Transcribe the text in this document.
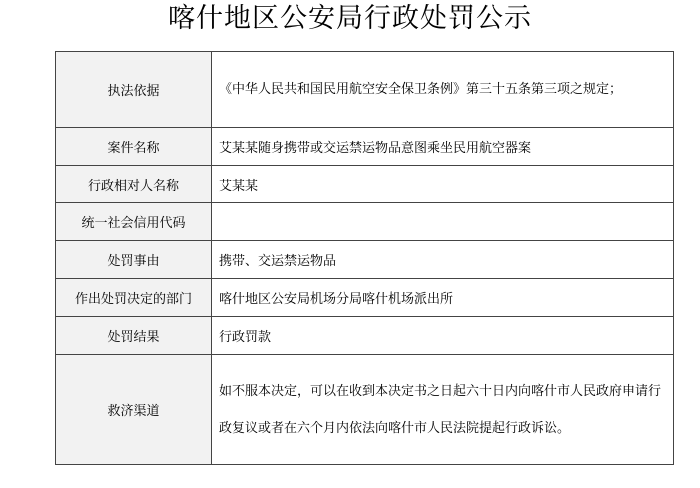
喀什地区公安局行政处罚公示
执法依据	《中华人民共和国民用航空安全保卫条例》第三十五条第三项之规定；
案件名称	艾某某随身携带或交运禁运物品意图乘坐民用航空器案
行政相对人名称	艾某某
统一社会信用代码	
处罚事由	携带、交运禁运物品
作出处罚决定的部门	喀什地区公安局机场分局喀什机场派出所
处罚结果	行政罚款
救济渠道	如不服本决定，可以在收到本决定书之日起六十日内向喀什市人民政府申请行政复议或者在六个月内依法向喀什市人民法院提起行政诉讼。
